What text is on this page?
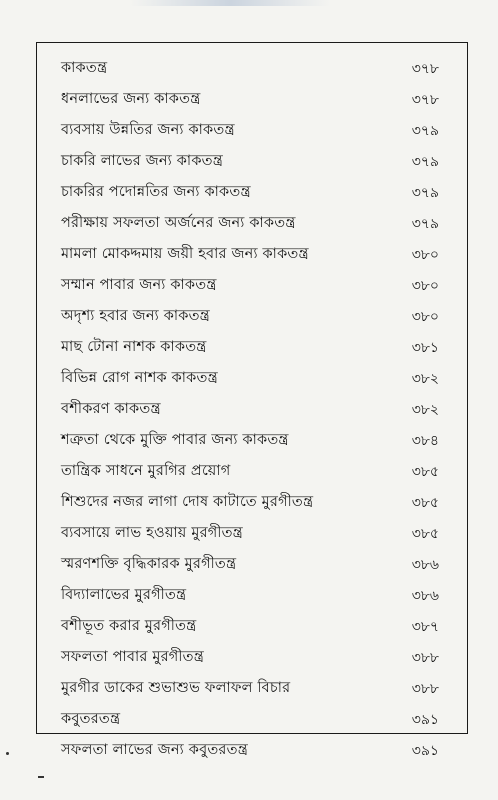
কাকতন্ত্র	৩৭৮
ধনলাভের জন্য কাকতন্ত্র	৩৭৮
ব্যবসায় উন্নতির জন্য কাকতন্ত্র	৩৭৯
চাকরি লাভের জন্য কাকতন্ত্র	৩৭৯
চাকরির পদোন্নতির জন্য কাকতন্ত্র	৩৭৯
পরীক্ষায় সফলতা অর্জনের জন্য কাকতন্ত্র	৩৭৯
মামলা মোকদ্দমায় জয়ী হবার জন্য কাকতন্ত্র	৩৮০
সম্মান পাবার জন্য কাকতন্ত্র	৩৮০
অদৃশ্য হবার জন্য কাকতন্ত্র	৩৮০
মাছ টোনা নাশক কাকতন্ত্র	৩৮১
বিভিন্ন রোগ নাশক কাকতন্ত্র	৩৮২
বশীকরণ কাকতন্ত্র	৩৮২
শত্রুতা থেকে মুক্তি পাবার জন্য কাকতন্ত্র	৩৮৪
তান্ত্রিক সাধনে মুরগির প্রয়োগ	৩৮৫
শিশুদের নজর লাগা দোষ কাটাতে মুরগীতন্ত্র	৩৮৫
ব্যবসায়ে লাভ হওয়ায় মুরগীতন্ত্র	৩৮৫
স্মরণশক্তি বৃদ্ধিকারক মুরগীতন্ত্র	৩৮৬
বিদ্যালাভের মুরগীতন্ত্র	৩৮৬
বশীভূত করার মুরগীতন্ত্র	৩৮৭
সফলতা পাবার মুরগীতন্ত্র	৩৮৮
মুরগীর ডাকের শুভাশুভ ফলাফল বিচার	৩৮৮
কবুতরতন্ত্র	৩৯১
সফলতা লাভের জন্য কবুতরতন্ত্র	৩৯১
